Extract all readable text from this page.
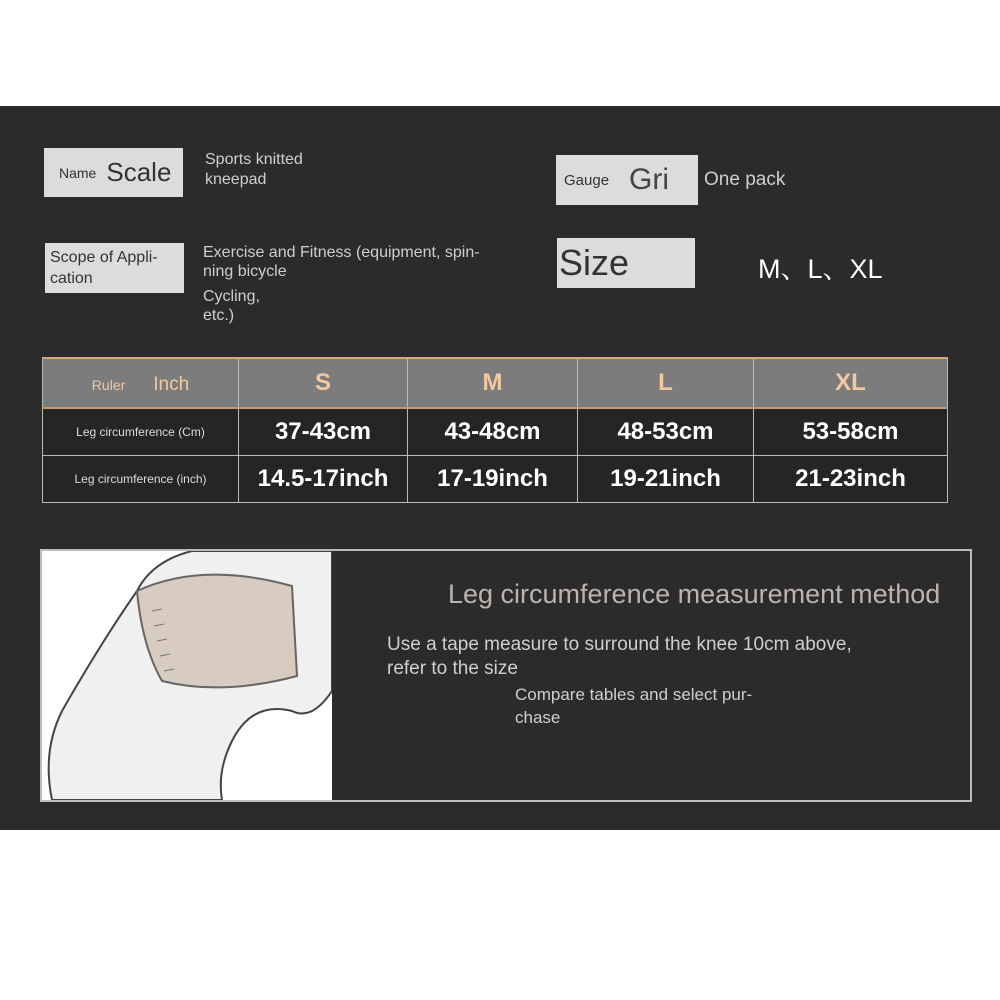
Name Scale Sports knitted
kneepad	Gauge Gri One pack
Scope of Appli-
cation
Exercise and Fitness (equipment, spin-
ning bicycle
Cycling,
etc.)
Size	M、L、XL
Ruler Inch	S	M	L	XL
Leg circumference (Cm)	37-43cm	43-48cm	48-53cm	53-58cm
Leg circumference (inch)	14.5-17inch	17-19inch	19-21inch	21-23inch
Leg circumference measurement method
Use a tape measure to surround the knee 10cm above,
refer to the size
Compare tables and select pur-
chase
